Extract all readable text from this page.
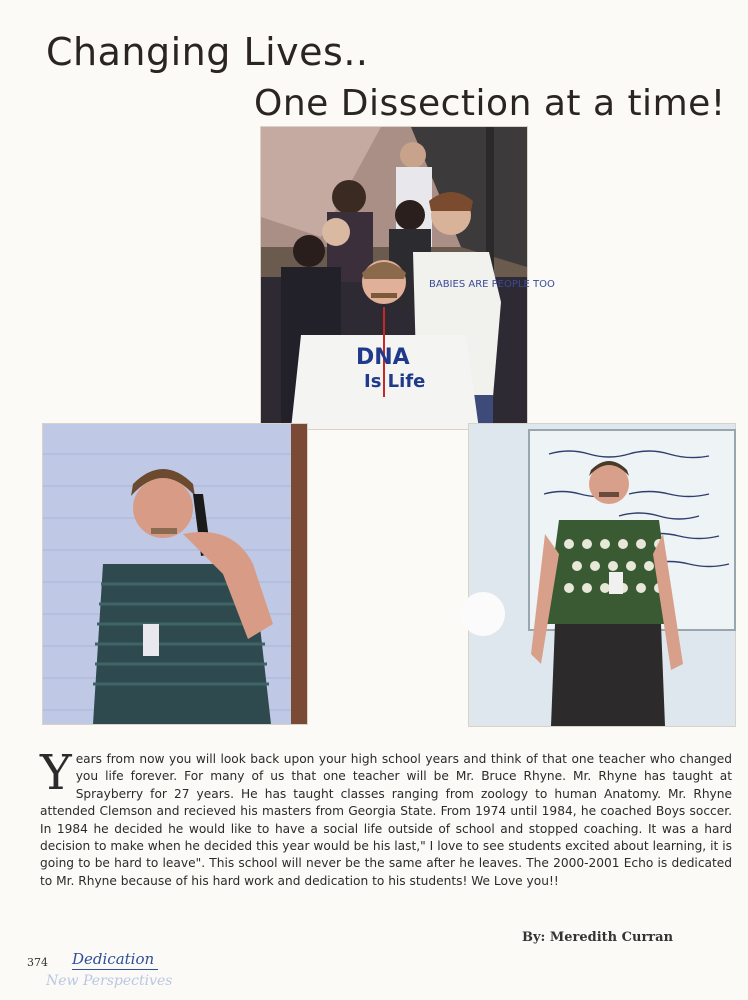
Changing Lives..
One Dissection at a time!
BABIES ARE PEOPLE TOO
DNA
Is Life

Years from now you will look back upon your high school years and think of that one teacher who changed you life forever. For many of us that one teacher will be Mr. Bruce Rhyne. Mr. Rhyne has taught at Sprayberry for 27 years. He has taught classes ranging from zoology to human Anatomy. Mr. Rhyne attended Clemson and recieved his masters from Georgia State. From 1974 until 1984, he coached Boys soccer. In 1984 he decided he would like to have a social life outside of school and stopped coaching. It was a hard decision to make when he decided this year would be his last," I love to see students excited about learning, it is going to be hard to leave". This school will never be the same after he leaves. The 2000-2001 Echo is dedicated to Mr. Rhyne because of his hard work and dedication to his students! We Love you!!

By: Meredith Curran
374 Dedication
New Perspectives
